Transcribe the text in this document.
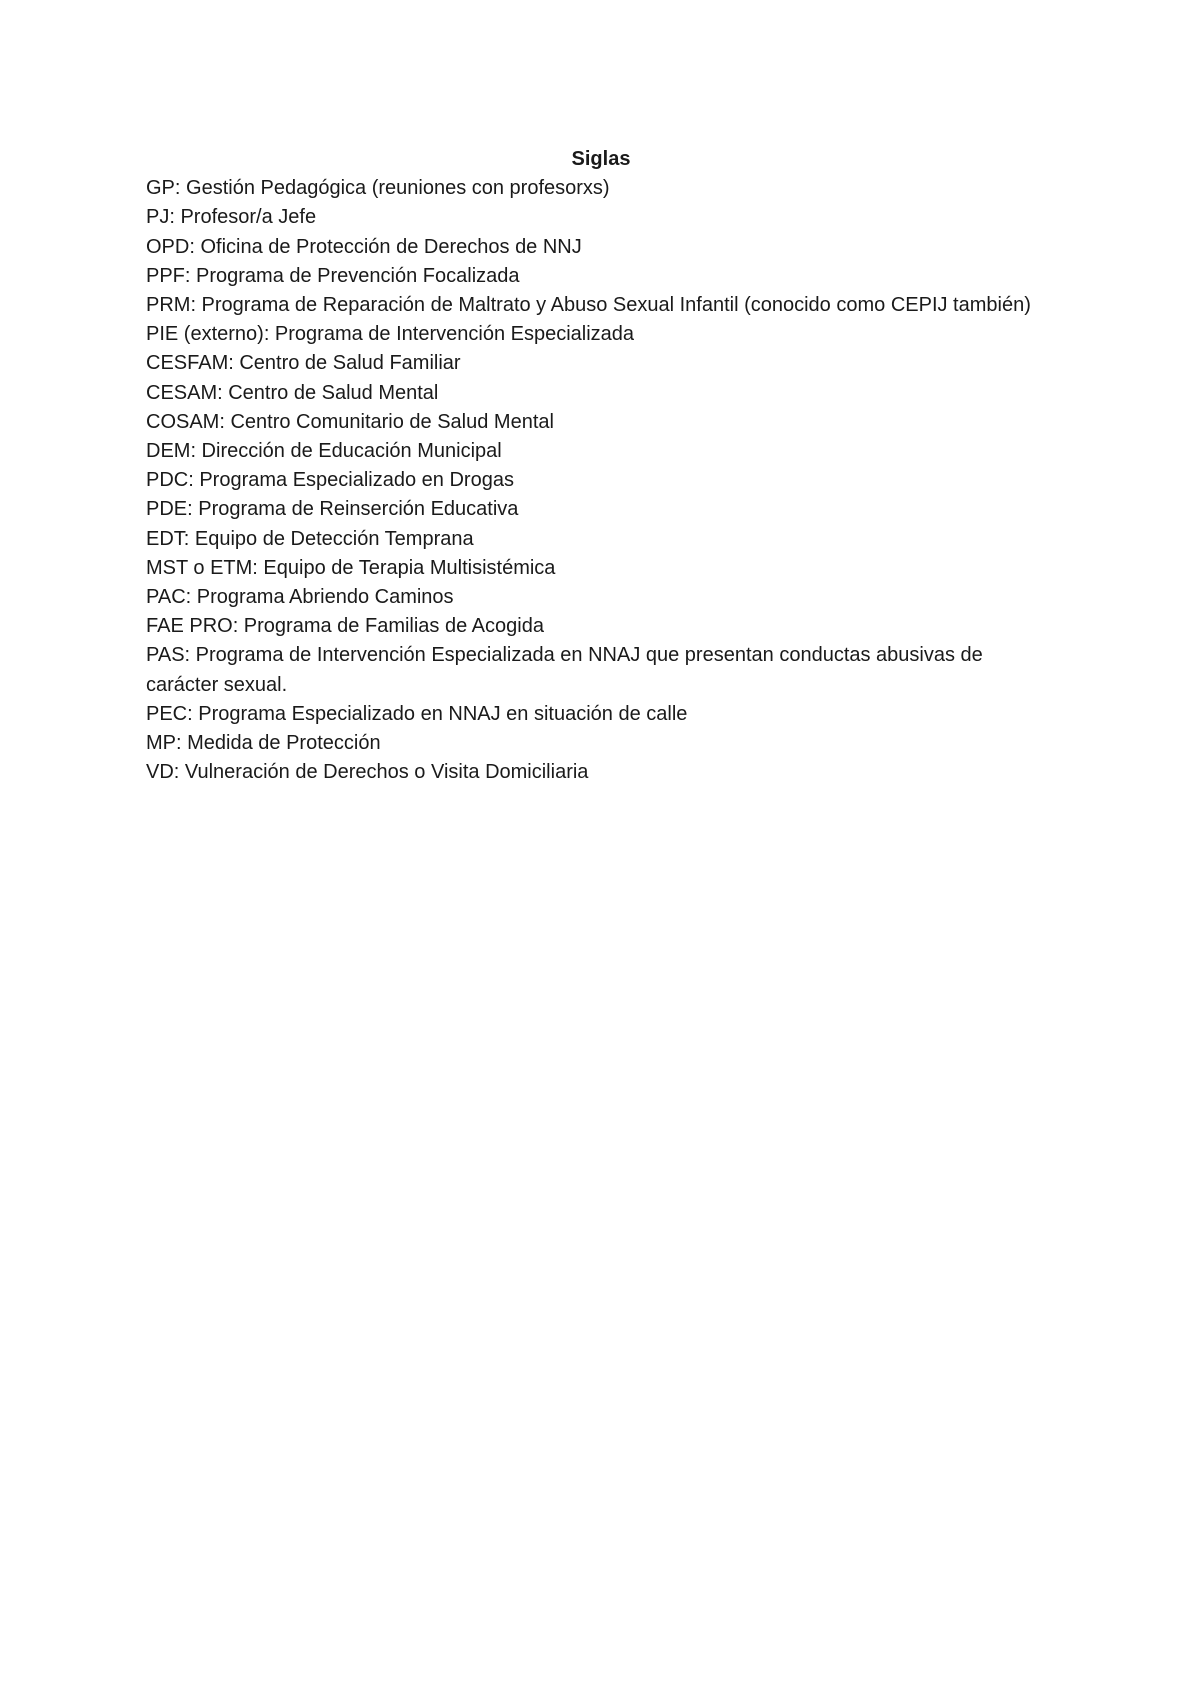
Siglas
GP: Gestión Pedagógica (reuniones con profesorxs)
PJ: Profesor/a Jefe
OPD: Oficina de Protección de Derechos de NNJ
PPF: Programa de Prevención Focalizada
PRM: Programa de Reparación de Maltrato y Abuso Sexual Infantil (conocido como CEPIJ también)
PIE (externo): Programa de Intervención Especializada
CESFAM: Centro de Salud Familiar
CESAM: Centro de Salud Mental
COSAM: Centro Comunitario de Salud Mental
DEM: Dirección de Educación Municipal
PDC: Programa Especializado en Drogas
PDE: Programa de Reinserción Educativa
EDT: Equipo de Detección Temprana
MST o ETM: Equipo de Terapia Multisistémica
PAC: Programa Abriendo Caminos
FAE PRO: Programa de Familias de Acogida
PAS: Programa de Intervención Especializada en NNAJ que presentan conductas abusivas de carácter sexual.
PEC: Programa Especializado en NNAJ en situación de calle
MP: Medida de Protección
VD: Vulneración de Derechos o Visita Domiciliaria
